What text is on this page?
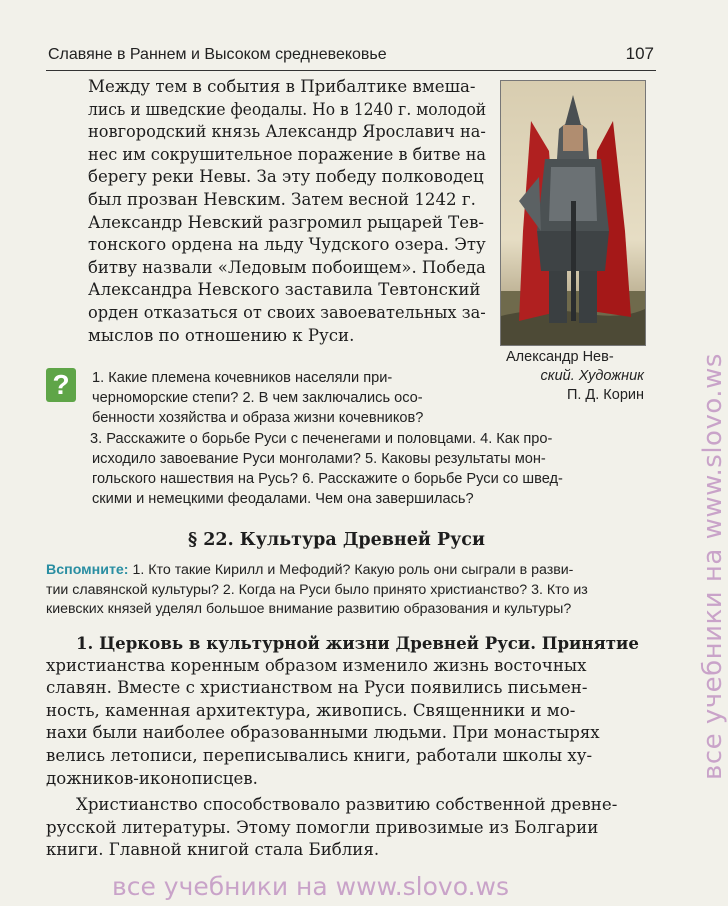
Славяне в Раннем и Высоком средневековье	107
Между тем в события в Прибалтике вмеша-
лись и шведские феодалы. Но в 1240 г. молодой
новгородский князь Александр Ярославич на-
нес им сокрушительное поражение в битве на
берегу реки Невы. За эту победу полководец
был прозван Невским. Затем весной 1242 г.
Александр Невский разгромил рыцарей Тев-
тонского ордена на льду Чудского озера. Эту
битву назвали «Ледовым побоищем». Победа
Александра Невского заставила Тевтонский
орден отказаться от своих завоевательных за-
мыслов по отношению к Руси.
Александр Нев-
ский. Художник
П. Д. Корин
?	1. Какие племена кочевников населяли при-
черноморские степи? 2. В чем заключались осо-
бенности хозяйства и образа жизни кочевников?
3. Расскажите о борьбе Руси с печенегами и половцами. 4. Как про-
исходило завоевание Руси монголами? 5. Каковы результаты мон-
гольского нашествия на Русь? 6. Расскажите о борьбе Руси со швед-
скими и немецкими феодалами. Чем она завершилась?
§ 22. Культура Древней Руси
Вспомните: 1. Кто такие Кирилл и Мефодий? Какую роль они сыграли в разви-
тии славянской культуры? 2. Когда на Руси было принято христианство? 3. Кто из
киевских князей уделял большое внимание развитию образования и культуры?
1. Церковь в культурной жизни Древней Руси. Принятие
христианства коренным образом изменило жизнь восточных
славян. Вместе с христианством на Руси появились письмен-
ность, каменная архитектура, живопись. Священники и мо-
нахи были наиболее образованными людьми. При монастырях
велись летописи, переписывались книги, работали школы ху-
дожников-иконописцев.
Христианство способствовало развитию собственной древне-
русской литературы. Этому помогли привозимые из Болгарии
книги. Главной книгой стала Библия.
все учебники на www.slovo.ws
все учебники на www.slovo.ws
